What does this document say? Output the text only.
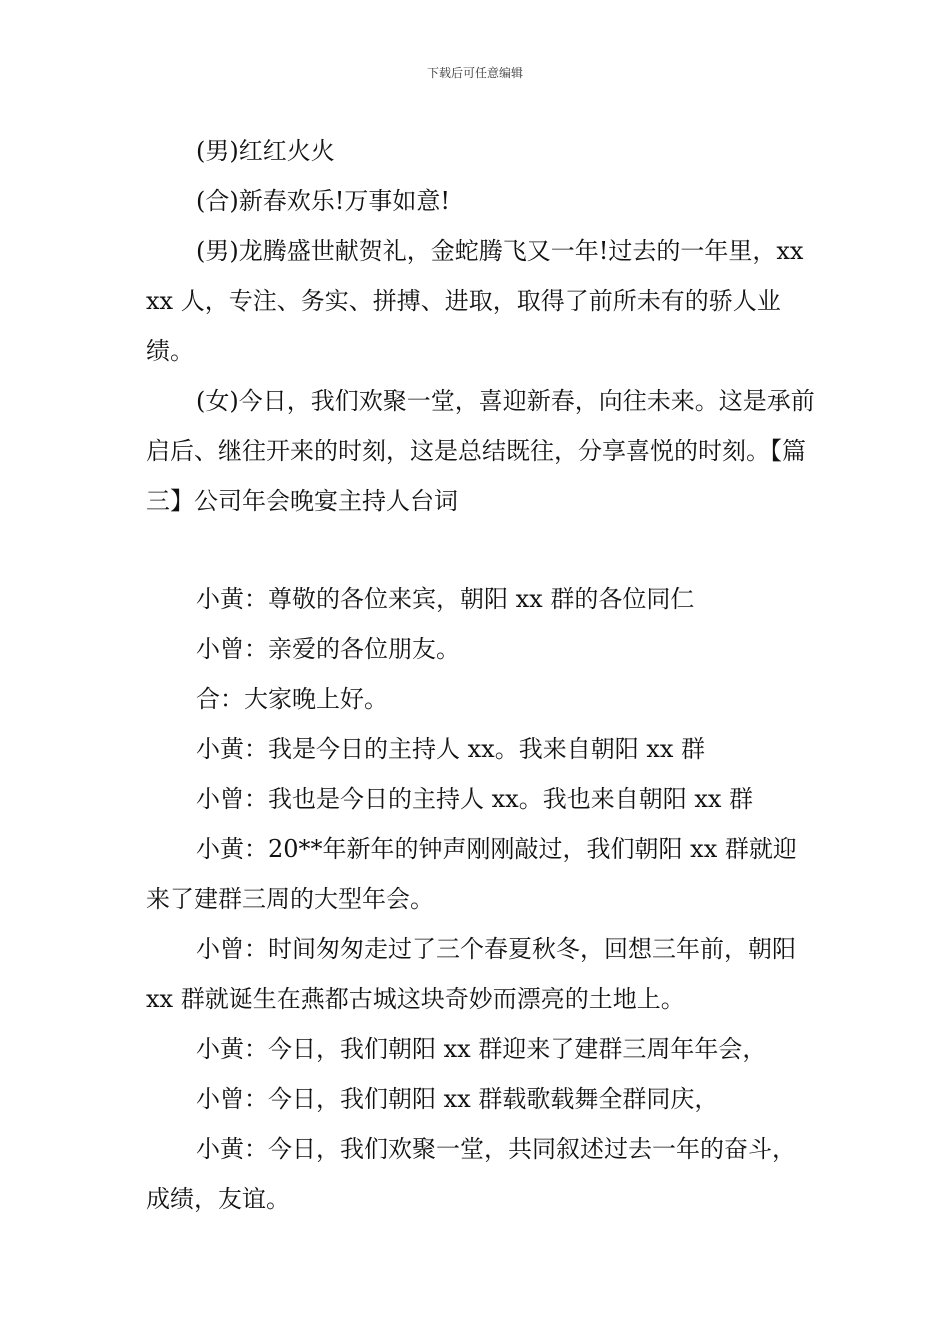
下载后可任意编辑

(男)红红火火

(合)新春欢乐!万事如意!

(男)龙腾盛世献贺礼，金蛇腾飞又一年!过去的一年里，xxxx 人，专注、务实、拼搏、进取，取得了前所未有的骄人业绩。

(女)今日，我们欢聚一堂，喜迎新春，向往未来。这是承前启后、继往开来的时刻，这是总结既往，分享喜悦的时刻。【篇三】公司年会晚宴主持人台词

小黄：尊敬的各位来宾，朝阳 xx 群的各位同仁

小曾：亲爱的各位朋友。

合：大家晚上好。

小黄：我是今日的主持人 xx。我来自朝阳 xx 群

小曾：我也是今日的主持人 xx。我也来自朝阳 xx 群

小黄：20**年新年的钟声刚刚敲过，我们朝阳 xx 群就迎来了建群三周的大型年会。

小曾：时间匆匆走过了三个春夏秋冬，回想三年前，朝阳 xx 群就诞生在燕都古城这块奇妙而漂亮的土地上。

小黄：今日，我们朝阳 xx 群迎来了建群三周年年会，

小曾：今日，我们朝阳 xx 群载歌载舞全群同庆，

小黄：今日，我们欢聚一堂，共同叙述过去一年的奋斗，成绩，友谊。
